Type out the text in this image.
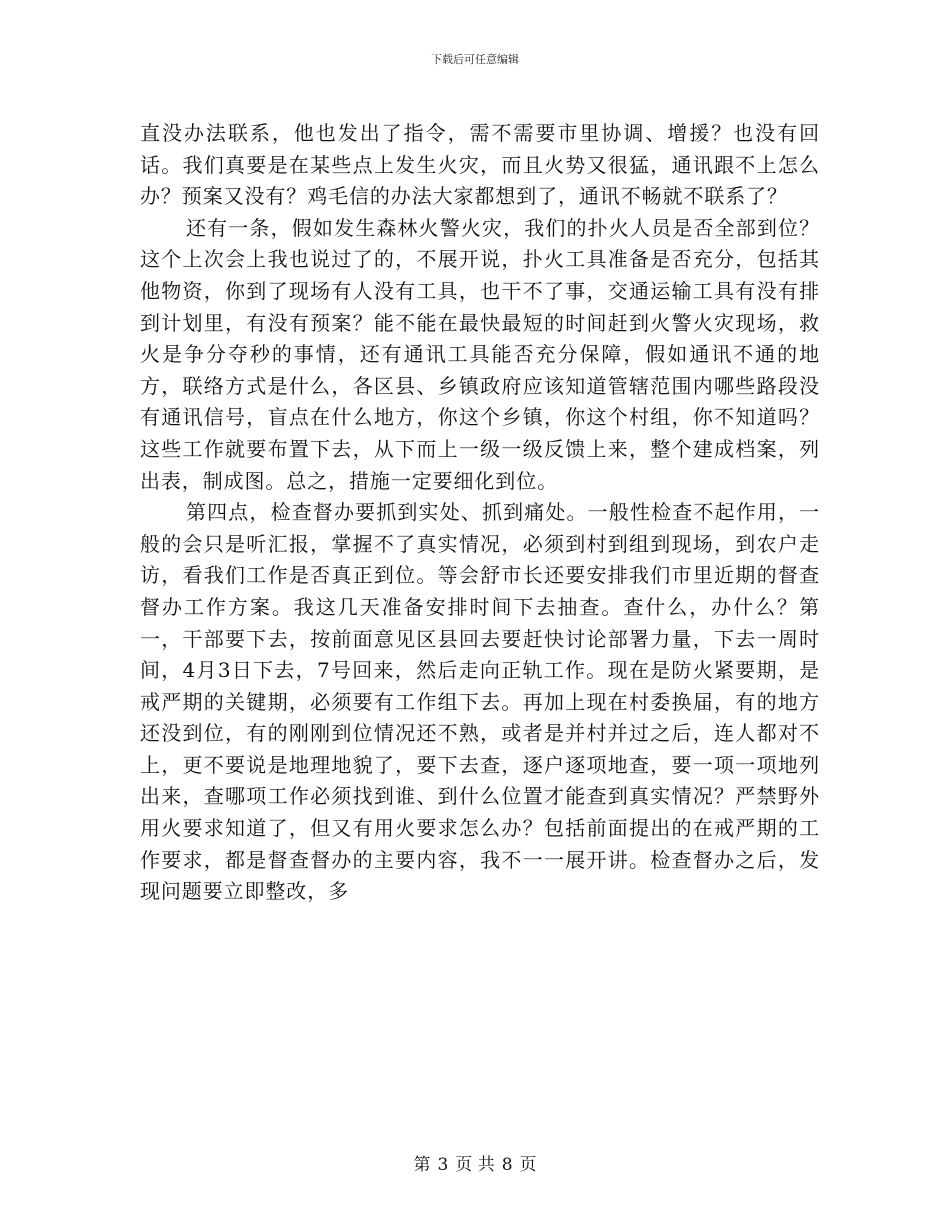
下载后可任意编辑

直没办法联系，他也发出了指令，需不需要市里协调、增援？也没有回话。我们真要是在某些点上发生火灾，而且火势又很猛，通讯跟不上怎么办？预案又没有？鸡毛信的办法大家都想到了，通讯不畅就不联系了？

还有一条，假如发生森林火警火灾，我们的扑火人员是否全部到位？这个上次会上我也说过了的，不展开说，扑火工具准备是否充分，包括其他物资，你到了现场有人没有工具，也干不了事，交通运输工具有没有排到计划里，有没有预案？能不能在最快最短的时间赶到火警火灾现场，救火是争分夺秒的事情，还有通讯工具能否充分保障，假如通讯不通的地方，联络方式是什么，各区县、乡镇政府应该知道管辖范围内哪些路段没有通讯信号，盲点在什么地方，你这个乡镇，你这个村组，你不知道吗？这些工作就要布置下去，从下而上一级一级反馈上来，整个建成档案，列出表，制成图。总之，措施一定要细化到位。

第四点，检查督办要抓到实处、抓到痛处。一般性检查不起作用，一般的会只是听汇报，掌握不了真实情况，必须到村到组到现场，到农户走访，看我们工作是否真正到位。等会舒市长还要安排我们市里近期的督查督办工作方案。我这几天准备安排时间下去抽查。查什么，办什么？第一，干部要下去，按前面意见区县回去要赶快讨论部署力量，下去一周时间，4月3日下去，7号回来，然后走向正轨工作。现在是防火紧要期，是戒严期的关键期，必须要有工作组下去。再加上现在村委换届，有的地方还没到位，有的刚刚到位情况还不熟，或者是并村并过之后，连人都对不上，更不要说是地理地貌了，要下去查，逐户逐项地查，要一项一项地列出来，查哪项工作必须找到谁、到什么位置才能查到真实情况？严禁野外用火要求知道了，但又有用火要求怎么办？包括前面提出的在戒严期的工作要求，都是督查督办的主要内容，我不一一展开讲。检查督办之后，发现问题要立即整改，多

第 3 页 共 8 页
